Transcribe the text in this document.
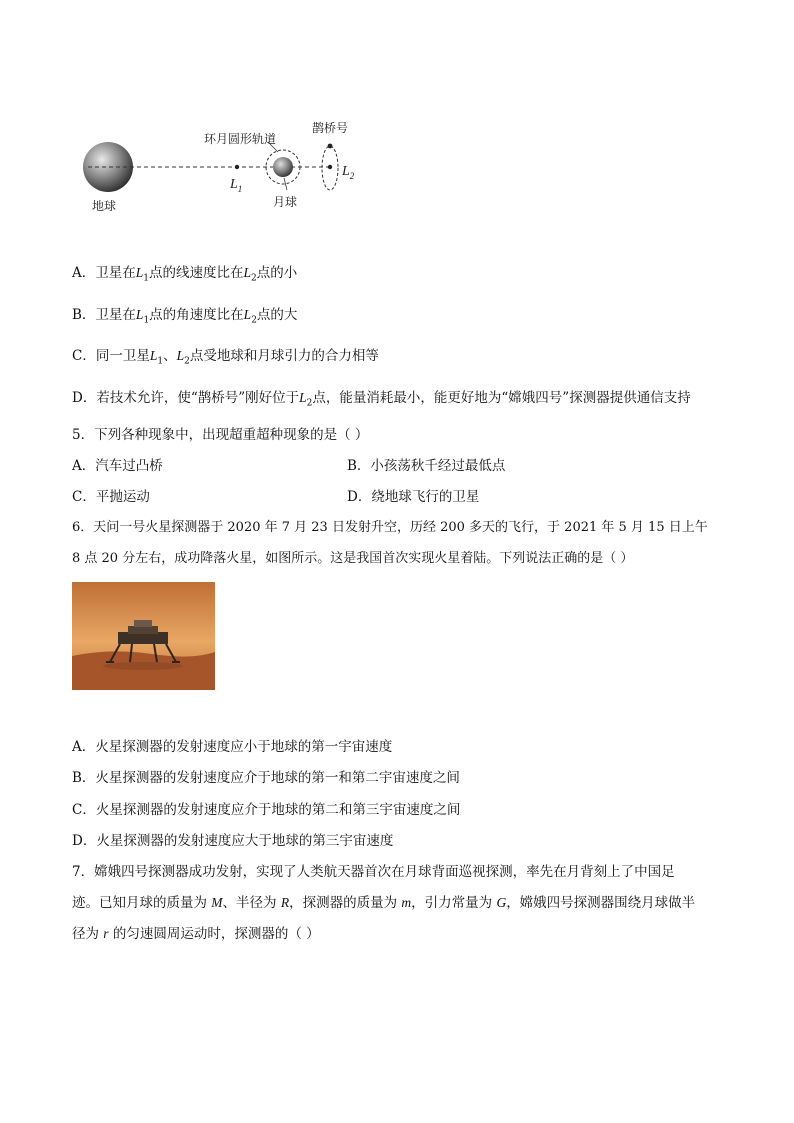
地球
环月圆形轨道
鹊桥号
月球
$L_1$
$L_2$
A．卫星在$L_1$点的线速度比在$L_2$点的小
B．卫星在$L_1$点的角速度比在$L_2$点的大
C．同一卫星$L_1$、$L_2$点受地球和月球引力的合力相等
D．若技术允许，使“鹊桥号”刚好位于$L_2$点，能量消耗最小，能更好地为“嫦娥四号”探测器提供通信支持
5．下列各种现象中，出现超重超种现象的是（ ）
A．汽车过凸桥	B．小孩荡秋千经过最低点
C．平抛运动	D．绕地球飞行的卫星
6．天问一号火星探测器于 2020 年 7 月 23 日发射升空，历经 200 多天的飞行，于 2021 年 5 月 15 日上午
8 点 20 分左右，成功降落火星，如图所示。这是我国首次实现火星着陆。下列说法正确的是（ ）
A．火星探测器的发射速度应小于地球的第一宇宙速度
B．火星探测器的发射速度应介于地球的第一和第二宇宙速度之间
C．火星探测器的发射速度应介于地球的第二和第三宇宙速度之间
D．火星探测器的发射速度应大于地球的第三宇宙速度
7．嫦娥四号探测器成功发射，实现了人类航天器首次在月球背面巡视探测，率先在月背刻上了中国足
迹。已知月球的质量为 M、半径为 R，探测器的质量为 m，引力常量为 G，嫦娥四号探测器围绕月球做半
径为 r 的匀速圆周运动时，探测器的（ ）
